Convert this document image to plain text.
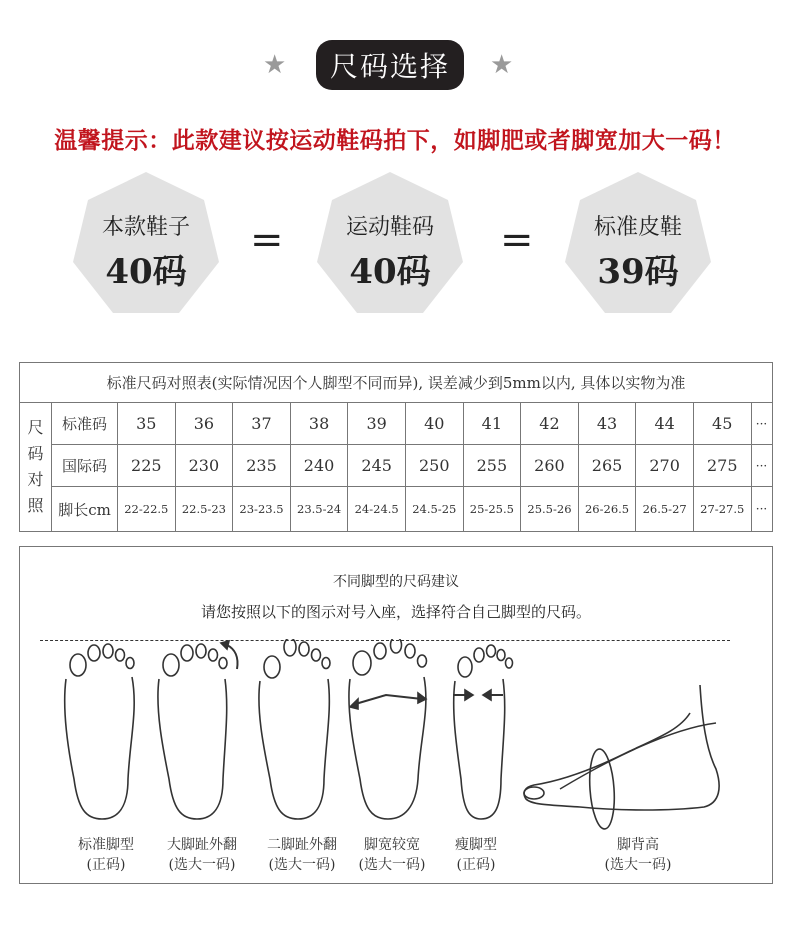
★	尺码选择	★
温馨提示：此款建议按运动鞋码拍下，如脚肥或者脚宽加大一码！
本款鞋子
40码
=	运动鞋码
40码
=	标准皮鞋
39码
标准尺码对照表(实际情况因个人脚型不同而异), 误差减少到5mm以内, 具体以实物为准
尺
码
对
照
标准码	35	36	37	38	39	40	41	42	43	44	45	···
国际码	225	230	235	240	245	250	255	260	265	270	275	···
脚长cm	22-22.5	22.5-23	23-23.5	23.5-24	24-24.5	24.5-25	25-25.5	25.5-26	26-26.5	26.5-27	27-27.5 ···
不同脚型的尺码建议
请您按照以下的图示对号入座，选择符合自己脚型的尺码。
标准脚型
(正码)
大脚趾外翻
(选大一码)
二脚趾外翻
(选大一码)
脚宽较宽
(选大一码)
瘦脚型
(正码)
脚背高
(选大一码)
